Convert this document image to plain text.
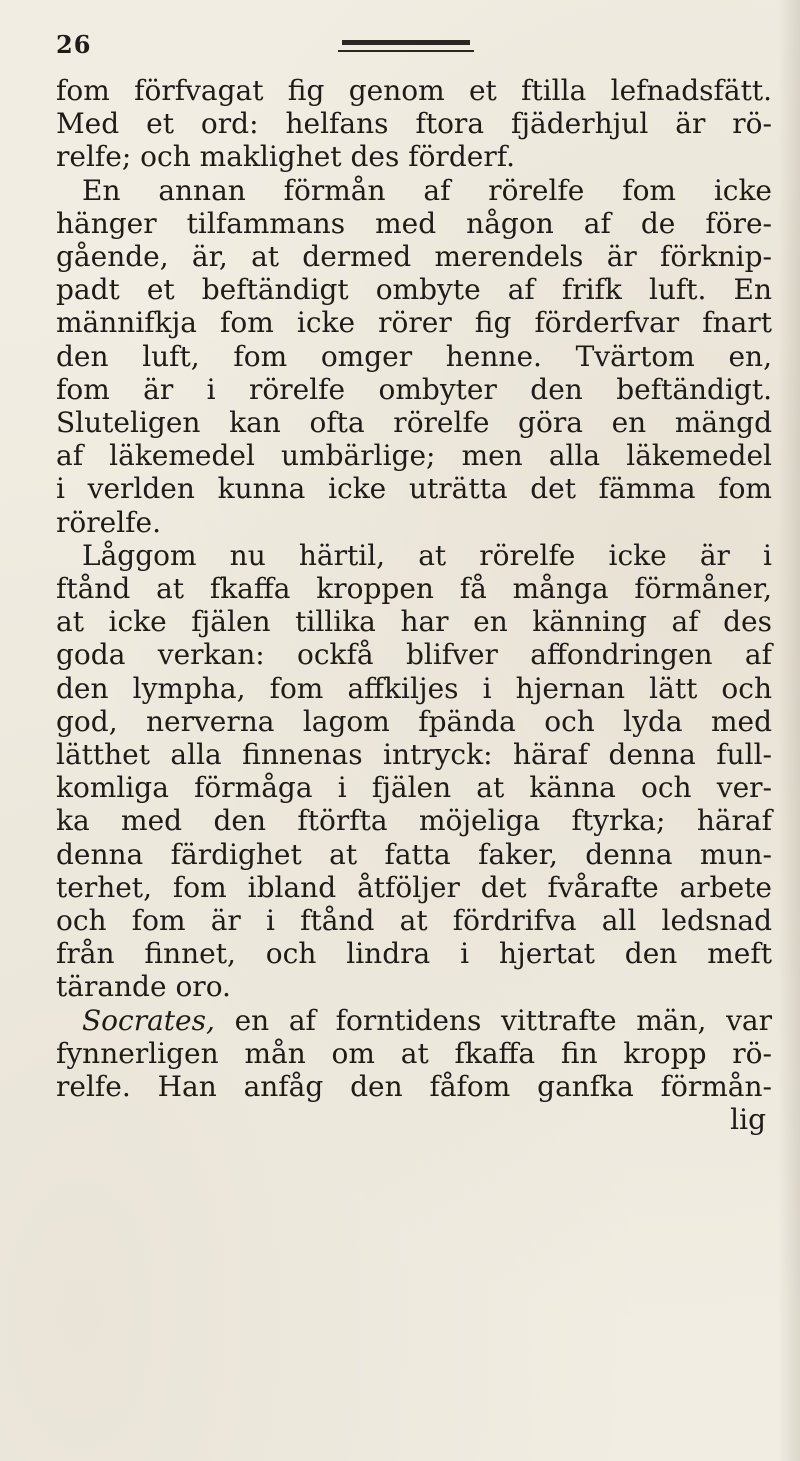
26
fom förfvagat fig genom et ftilla lefnadsfätt.
Med et ord: helfans ftora fjäderhjul är rö-
relfe; och maklighet des förderf.
En annan förmån af rörelfe fom icke
hänger tilfammans med någon af de före-
gående, är, at dermed merendels är förknip-
padt et beftändigt ombyte af frifk luft. En
männifkja fom icke rörer fig förderfvar fnart
den luft, fom omger henne. Tvärtom en,
fom är i rörelfe ombyter den beftändigt.
Sluteligen kan ofta rörelfe göra en mängd
af läkemedel umbärlige; men alla läkemedel
i verlden kunna icke uträtta det fämma fom
rörelfe.
Låggom nu härtil, at rörelfe icke är i
ftånd at fkaffa kroppen få många förmåner,
at icke fjälen tillika har en känning af des
goda verkan: ockfå blifver affondringen af
den lympha, fom affkiljes i hjernan lätt och
god, nerverna lagom fpända och lyda med
lätthet alla finnenas intryck: häraf denna full-
komliga förmåga i fjälen at känna och ver-
ka med den ftörfta möjeliga ftyrka; häraf
denna färdighet at fatta faker, denna mun-
terhet, fom ibland åtföljer det fvårafte arbete
och fom är i ftånd at fördrifva all ledsnad
från finnet, och lindra i hjertat den meft
tärande oro.
Socrates, en af forntidens vittrafte män, var
fynnerligen mån om at fkaffa fin kropp rö-
relfe. Han anfåg den fåfom ganfka förmån-
lig
